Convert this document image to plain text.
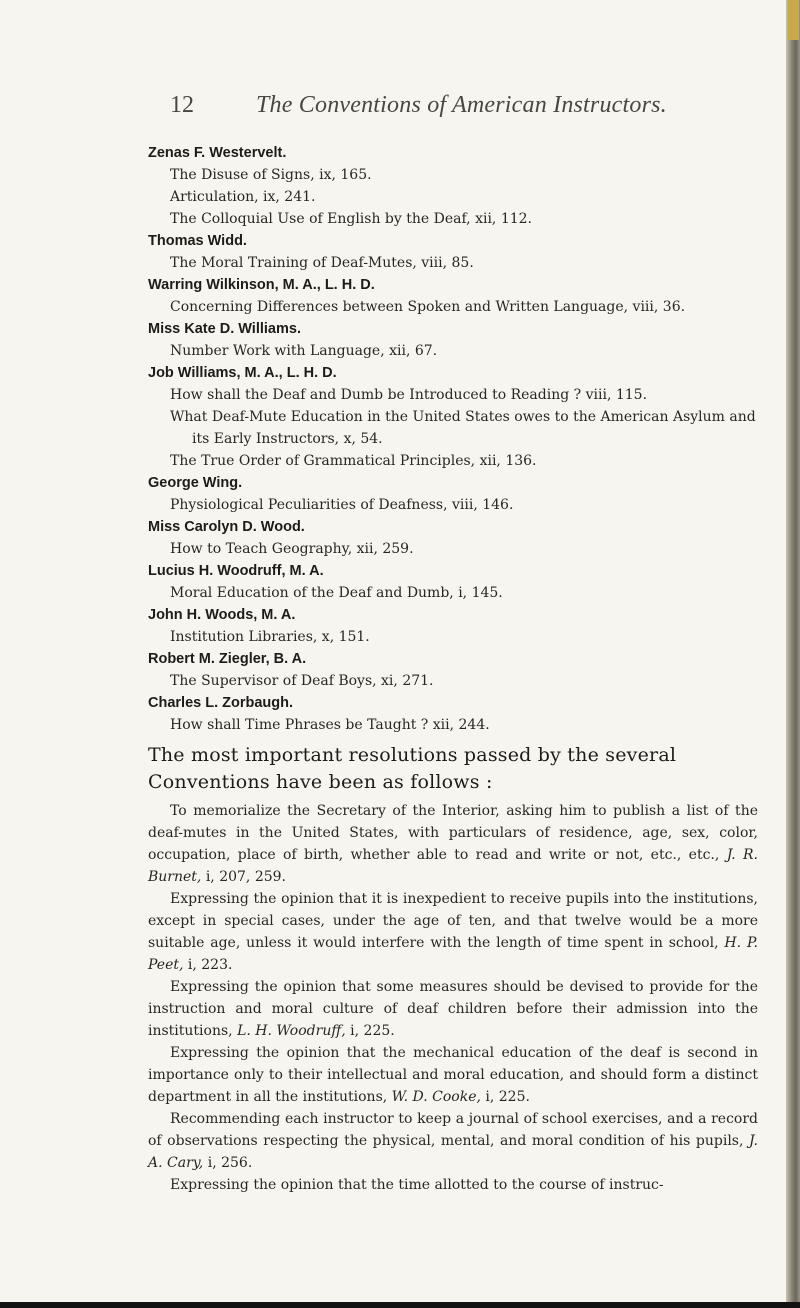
12	The Conventions of American Instructors.
Zenas F. Westervelt.
The Disuse of Signs, ix, 165.
Articulation, ix, 241.
The Colloquial Use of English by the Deaf, xii, 112.
Thomas Widd.
The Moral Training of Deaf-Mutes, viii, 85.
Warring Wilkinson, M. A., L. H. D.
Concerning Differences between Spoken and Written Language, viii, 36.
Miss Kate D. Williams.
Number Work with Language, xii, 67.
Job Williams, M. A., L. H. D.
How shall the Deaf and Dumb be Introduced to Reading ? viii, 115.
What Deaf-Mute Education in the United States owes to the American Asylum and its Early Instructors, x, 54.
The True Order of Grammatical Principles, xii, 136.
George Wing.
Physiological Peculiarities of Deafness, viii, 146.
Miss Carolyn D. Wood.
How to Teach Geography, xii, 259.
Lucius H. Woodruff, M. A.
Moral Education of the Deaf and Dumb, i, 145.
John H. Woods, M. A.
Institution Libraries, x, 151.
Robert M. Ziegler, B. A.
The Supervisor of Deaf Boys, xi, 271.
Charles L. Zorbaugh.
How shall Time Phrases be Taught ? xii, 244.
The most important resolutions passed by the several Conventions have been as follows :

To memorialize the Secretary of the Interior, asking him to publish a list of the deaf-mutes in the United States, with particulars of residence, age, sex, color, occupation, place of birth, whether able to read and write or not, etc., etc., J. R. Burnet, i, 207, 259.

Expressing the opinion that it is inexpedient to receive pupils into the institutions, except in special cases, under the age of ten, and that twelve would be a more suitable age, unless it would interfere with the length of time spent in school, H. P. Peet, i, 223.

Expressing the opinion that some measures should be devised to provide for the instruction and moral culture of deaf children before their admission into the institutions, L. H. Woodruff, i, 225.

Expressing the opinion that the mechanical education of the deaf is second in importance only to their intellectual and moral education, and should form a distinct department in all the institutions, W. D. Cooke, i, 225.

Recommending each instructor to keep a journal of school exercises, and a record of observations respecting the physical, mental, and moral condition of his pupils, J. A. Cary, i, 256.

Expressing the opinion that the time allotted to the course of instruc-
